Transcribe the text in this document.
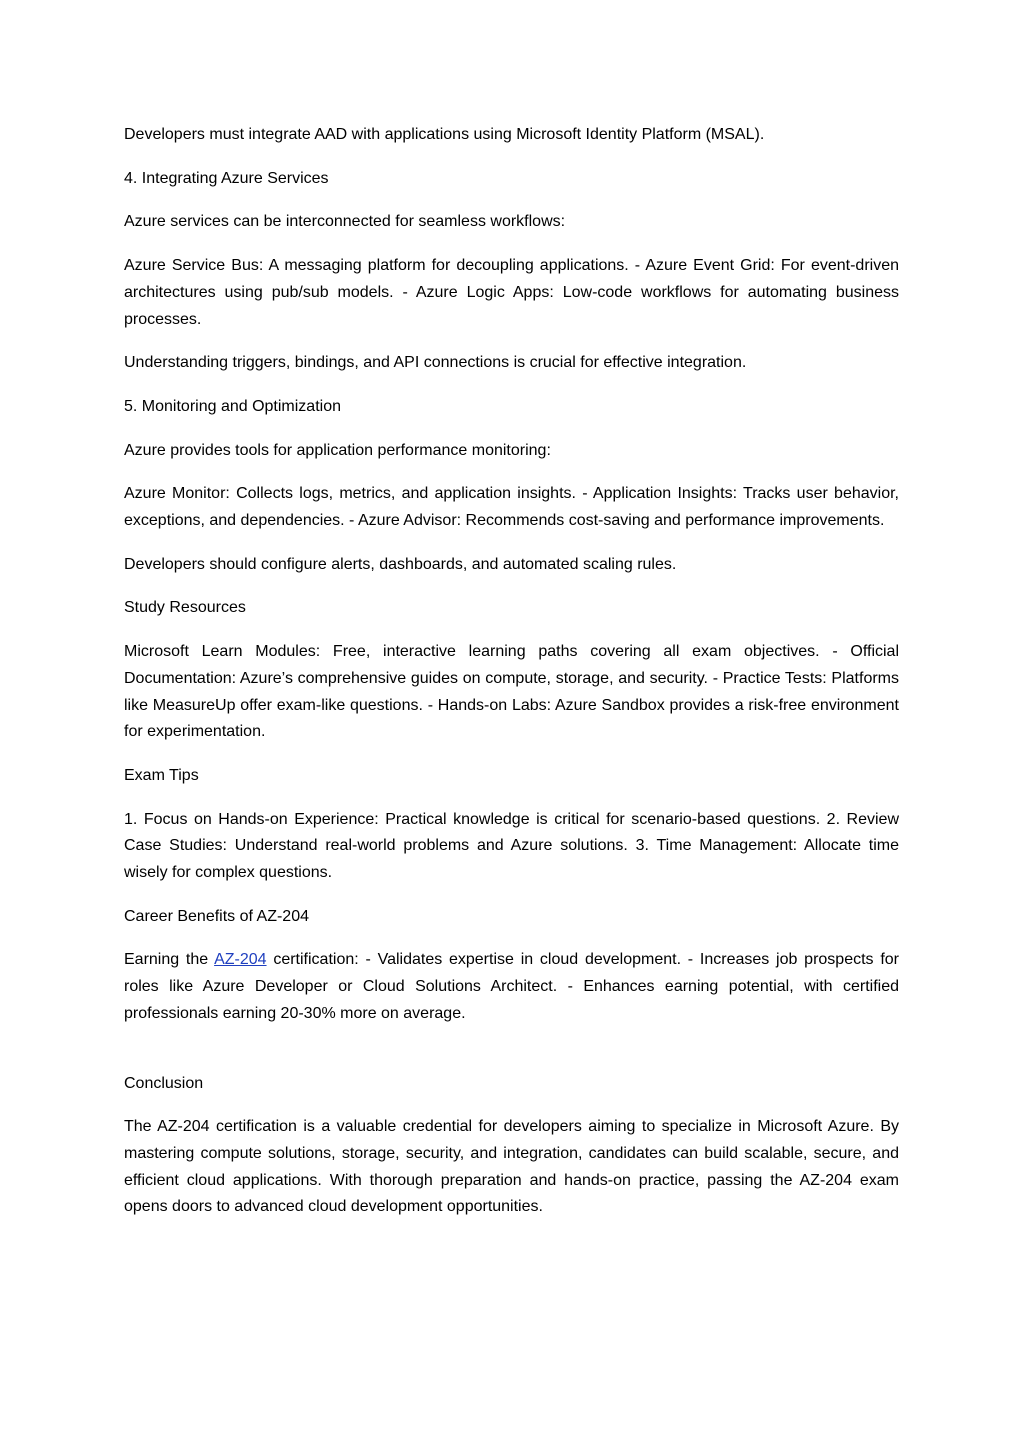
Developers must integrate AAD with applications using Microsoft Identity Platform (MSAL).

4. Integrating Azure Services

Azure services can be interconnected for seamless workflows:

Azure Service Bus: A messaging platform for decoupling applications. - Azure Event Grid: For event-driven architectures using pub/sub models. - Azure Logic Apps: Low-code workflows for automating business processes.

Understanding triggers, bindings, and API connections is crucial for effective integration.

5. Monitoring and Optimization

Azure provides tools for application performance monitoring:

Azure Monitor: Collects logs, metrics, and application insights. - Application Insights: Tracks user behavior, exceptions, and dependencies. - Azure Advisor: Recommends cost-saving and performance improvements.

Developers should configure alerts, dashboards, and automated scaling rules.

Study Resources

Microsoft Learn Modules: Free, interactive learning paths covering all exam objectives. - Official Documentation: Azure’s comprehensive guides on compute, storage, and security. - Practice Tests: Platforms like MeasureUp offer exam-like questions. - Hands-on Labs: Azure Sandbox provides a risk-free environment for experimentation.

Exam Tips

1. Focus on Hands-on Experience: Practical knowledge is critical for scenario-based questions. 2. Review Case Studies: Understand real-world problems and Azure solutions. 3. Time Management: Allocate time wisely for complex questions.

Career Benefits of AZ-204

Earning the AZ-204 certification: - Validates expertise in cloud development. - Increases job prospects for roles like Azure Developer or Cloud Solutions Architect. - Enhances earning potential, with certified professionals earning 20-30% more on average.

Conclusion

The AZ-204 certification is a valuable credential for developers aiming to specialize in Microsoft Azure. By mastering compute solutions, storage, security, and integration, candidates can build scalable, secure, and efficient cloud applications. With thorough preparation and hands-on practice, passing the AZ-204 exam opens doors to advanced cloud development opportunities.
